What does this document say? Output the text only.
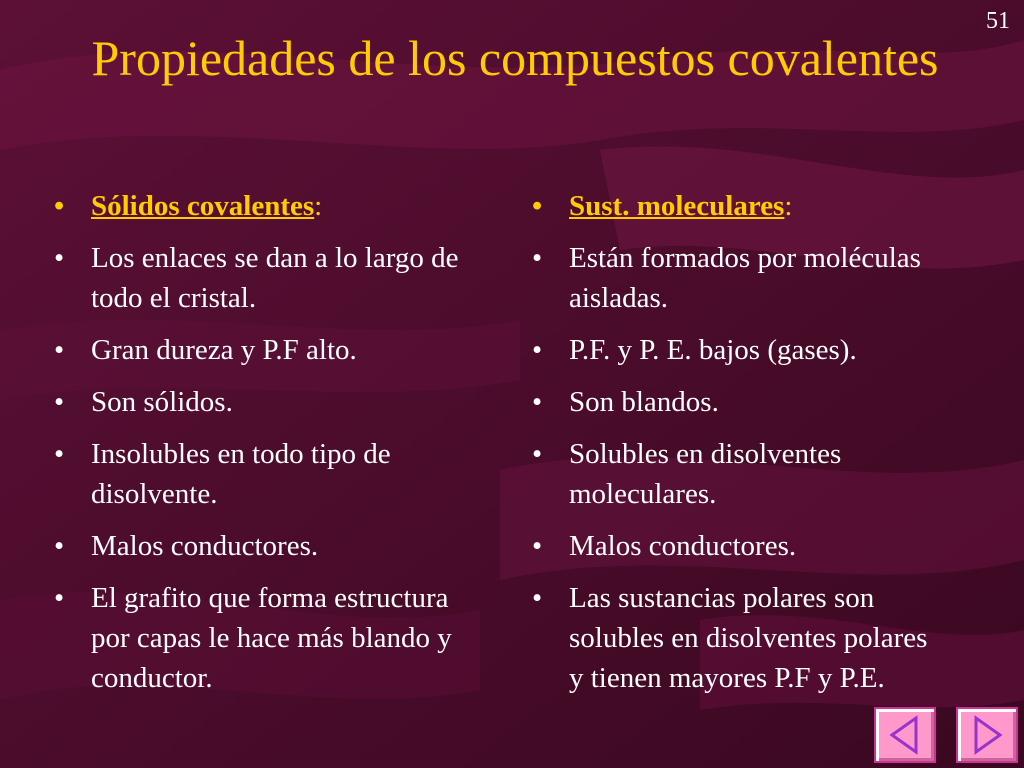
51
Propiedades de los compuestos covalentes
• Sólidos covalentes:
• Los enlaces se dan a lo largo de todo el cristal.
• Gran dureza y P.F alto.
• Son sólidos.
• Insolubles en todo tipo de disolvente.
• Malos conductores.
• El grafito que forma estructura por capas le hace más blando y conductor.
• Sust. moleculares:
• Están formados por moléculas aisladas.
• P.F. y P. E. bajos (gases).
• Son blandos.
• Solubles en disolventes moleculares.
• Malos conductores.
• Las sustancias polares son solubles en disolventes polares y tienen mayores P.F y P.E.
